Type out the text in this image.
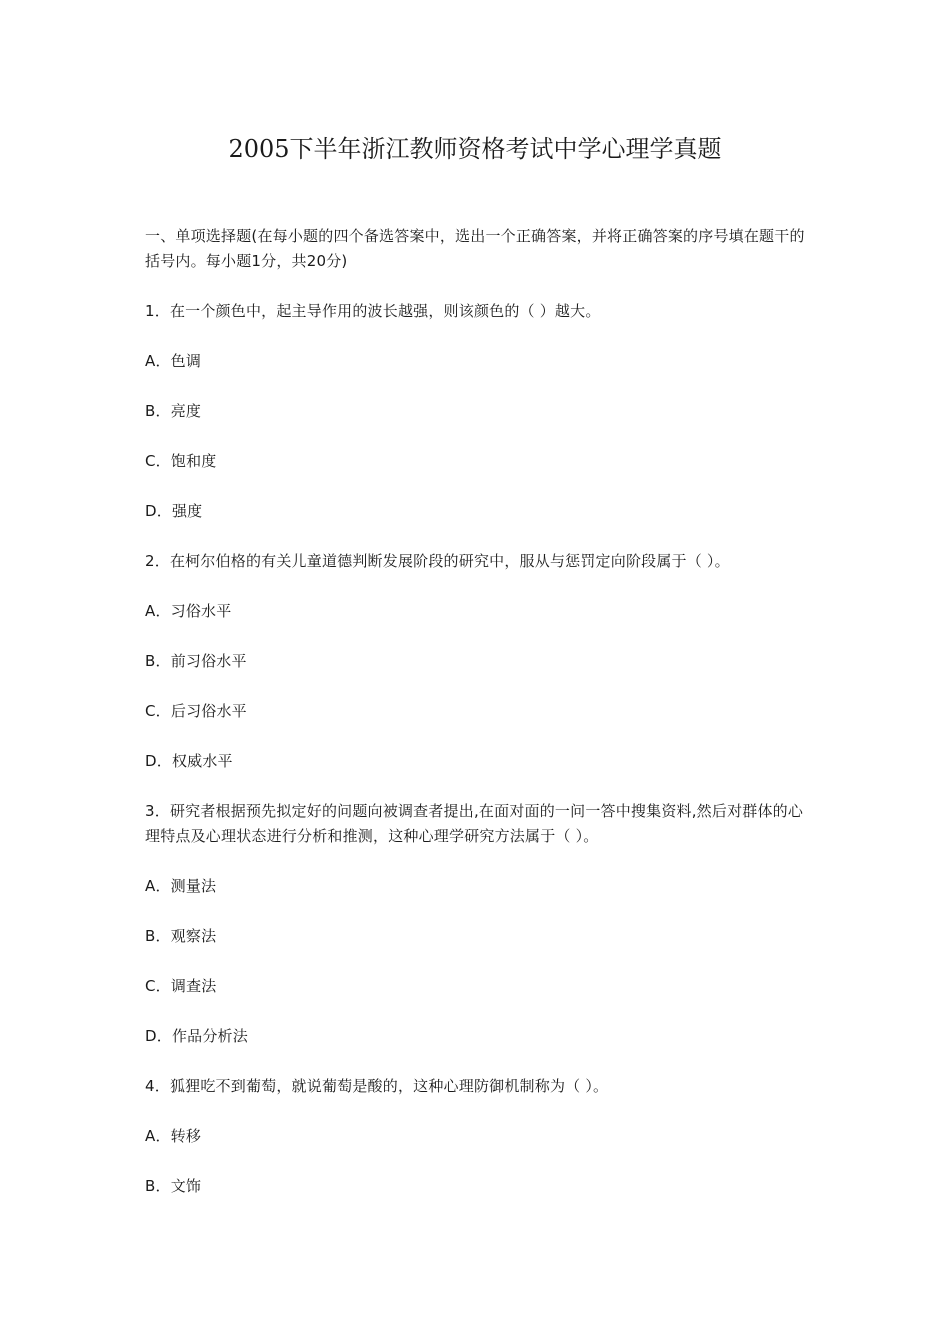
2005下半年浙江教师资格考试中学心理学真题

一、单项选择题(在每小题的四个备选答案中，选出一个正确答案，并将正确答案的序号填在题干的括号内。每小题1分，共20分)

1．在一个颜色中，起主导作用的波长越强，则该颜色的（ ）越大。

A．色调

B．亮度

C．饱和度

D．强度

2．在柯尔伯格的有关儿童道德判断发展阶段的研究中，服从与惩罚定向阶段属于（ ）。

A．习俗水平

B．前习俗水平

C．后习俗水平

D．权威水平

3．研究者根据预先拟定好的问题向被调查者提出,在面对面的一问一答中搜集资料,然后对群体的心理特点及心理状态进行分析和推测，这种心理学研究方法属于（ ）。

A．测量法

B．观察法

C．调查法

D．作品分析法

4．狐狸吃不到葡萄，就说葡萄是酸的，这种心理防御机制称为（ ）。

A．转移

B．文饰
